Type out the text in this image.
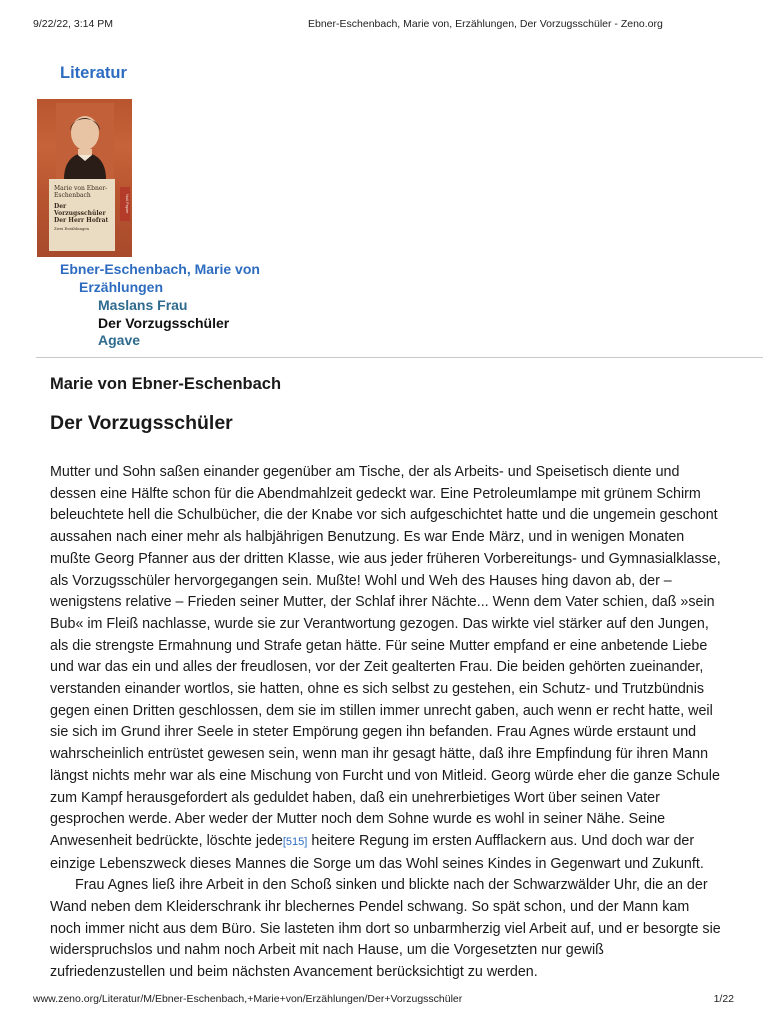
9/22/22, 3:14 PM	Ebner-Eschenbach, Marie von, Erzählungen, Der Vorzugsschüler - Zeno.org
Literatur
Marie von Ebner-Eschenbach
Der
Vorzugsschüler
Der Herr Hofrat
Zwei Erzählungen
Null Papier
Ebner-Eschenbach, Marie von
Erzählungen
Maslans Frau
Der Vorzugsschüler
Agave
Marie von Ebner-Eschenbach
Der Vorzugsschüler

Mutter und Sohn saßen einander gegenüber am Tische, der als Arbeits- und Speisetisch diente und dessen eine Hälfte schon für die Abendmahlzeit gedeckt war. Eine Petroleumlampe mit grünem Schirm beleuchtete hell die Schulbücher, die der Knabe vor sich aufgeschichtet hatte und die ungemein geschont aussahen nach einer mehr als halbjährigen Benutzung. Es war Ende März, und in wenigen Monaten mußte Georg Pfanner aus der dritten Klasse, wie aus jeder früheren Vorbereitungs- und Gymnasialklasse, als Vorzugsschüler hervorgegangen sein. Mußte! Wohl und Weh des Hauses hing davon ab, der – wenigstens relative – Frieden seiner Mutter, der Schlaf ihrer Nächte... Wenn dem Vater schien, daß »sein Bub« im Fleiß nachlasse, wurde sie zur Verantwortung gezogen. Das wirkte viel stärker auf den Jungen, als die strengste Ermahnung und Strafe getan hätte. Für seine Mutter empfand er eine anbetende Liebe und war das ein und alles der freudlosen, vor der Zeit gealterten Frau. Die beiden gehörten zueinander, verstanden einander wortlos, sie hatten, ohne es sich selbst zu gestehen, ein Schutz- und Trutzbündnis gegen einen Dritten geschlossen, dem sie im stillen immer unrecht gaben, auch wenn er recht hatte, weil sie sich im Grund ihrer Seele in steter Empörung gegen ihn befanden. Frau Agnes würde erstaunt und wahrscheinlich entrüstet gewesen sein, wenn man ihr gesagt hätte, daß ihre Empfindung für ihren Mann längst nichts mehr war als eine Mischung von Furcht und von Mitleid. Georg würde eher die ganze Schule zum Kampf herausgefordert als geduldet haben, daß ein unehrerbietiges Wort über seinen Vater gesprochen werde. Aber weder der Mutter noch dem Sohne wurde es wohl in seiner Nähe. Seine Anwesenheit bedrückte, löschte jede[515] heitere Regung im ersten Aufflackern aus. Und doch war der einzige Lebenszweck dieses Mannes die Sorge um das Wohl seines Kindes in Gegenwart und Zukunft.

Frau Agnes ließ ihre Arbeit in den Schoß sinken und blickte nach der Schwarzwälder Uhr, die an der Wand neben dem Kleiderschrank ihr blechernes Pendel schwang. So spät schon, und der Mann kam noch immer nicht aus dem Büro. Sie lasteten ihm dort so unbarmherzig viel Arbeit auf, und er besorgte sie widerspruchslos und nahm noch Arbeit mit nach Hause, um die Vorgesetzten nur gewiß zufriedenzustellen und beim nächsten Avancement berücksichtigt zu werden.

www.zeno.org/Literatur/M/Ebner-Eschenbach,+Marie+von/Erzählungen/Der+Vorzugsschüler	1/22
